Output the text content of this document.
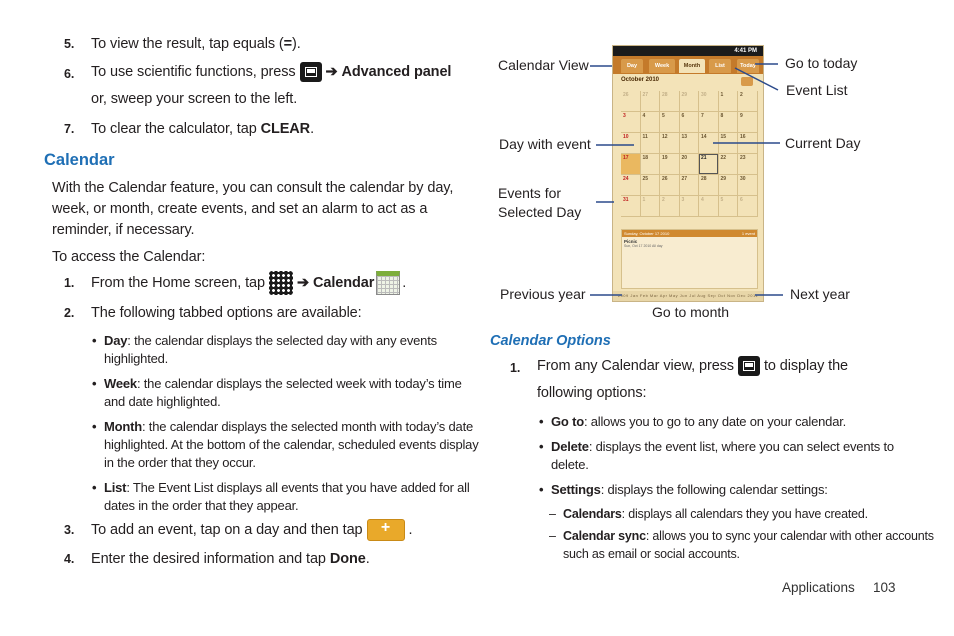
5. To view the result, tap equals (=).
6. To use scientific functions, press ➔ Advanced panel
or, sweep your screen to the left.
7. To clear the calculator, tap CLEAR.
Calendar
With the Calendar feature, you can consult the calendar by day,
week, or month, create events, and set an alarm to act as a
reminder, if necessary.
To access the Calendar:
1. From the Home screen, tap ➔ Calendar .
2. The following tabbed options are available:
• Day: the calendar displays the selected day with any events
highlighted.
• Week: the calendar displays the selected week with today’s time
and date highlighted.
• Month: the calendar displays the selected month with today’s date
highlighted. At the bottom of the calendar, scheduled events display
in the order that they occur.
• List: The Event List displays all events that you have added for all
dates in the order that they appear.
3. To add an event, tap on a day and then tap+	.
4. Enter the desired information and tap Done.
4:41 PM
Day	Week	Month	List	Today
October 2010
26	27	28	29	30	1	2
3	4	5	6	7	8	9
10	11	12	13	14	15	16
17	18	19	20	21	22	23
24	25	26	27	28	29	30
31	1	2	3	4	5	6
Sunday, October 17 2010	1 event
Picnic
Sun, Oct 17 2010 All day
2009 Jan Feb Mar Apr May Jun Jul Aug Sep Oct Nov Dec 2011
Calendar View	Go to today
Event List
Day with event	Current Day
Events for
Selected Day
Previous year	Next year
Go to month
Calendar Options
1. From any Calendar view, press to display the
following options:
• Go to: allows you to go to any date on your calendar.
• Delete: displays the event list, where you can select events to
delete.
• Settings: displays the following calendar settings:
– Calendars: displays all calendars they you have created.
– Calendar sync: allows you to sync your calendar with other accounts
such as email or social accounts.
Applications 103
